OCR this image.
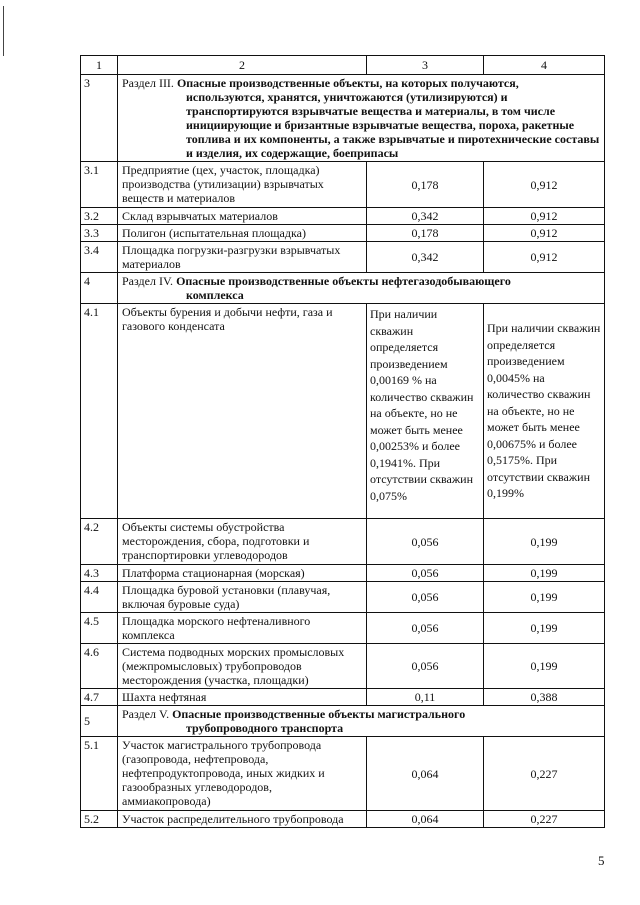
1	2	3	4
3	Раздел III. Опасные производственные объекты, на которых получаются,
используются, хранятся, уничтожаются (утилизируются) и транспортируются взрывчатые вещества и материалы, в том числе инициирующие и бризантные взрывчатые вещества, пороха, ракетные топлива и их компоненты, а также взрывчатые и пиротехнические составы и изделия, их содержащие, боеприпасы		

3.1	Предприятие (цех, участок, площадка) производства (утилизации) взрывчатых веществ и материалов	0,178	0,912
3.2	Склад взрывчатых материалов	0,342	0,912
3.3	Полигон (испытательная площадка)	0,178	0,912
3.4	Площадка погрузки-разгрузки взрывчатых материалов	0,342	0,912
4	Раздел IV. Опасные производственные объекты нефтегазодобывающего
комплекса		

4.1	Объекты бурения и добычи нефти, газа и газового конденсата	При наличии скважин определяется произведением 0,00169 % на количество скважин на объекте, но не может быть менее 0,00253% и более 0,1941%. При отсутствии скважин 0,075%	При наличии скважин определяется произведением 0,0045% на количество скважин на объекте, но не может быть менее 0,00675% и более 0,5175%. При отсутствии скважин 0,199%
4.2	Объекты системы обустройства месторождения, сбора, подготовки и транспортировки углеводородов	0,056	0,199
4.3	Платформа стационарная (морская)	0,056	0,199
4.4	Площадка буровой установки (плавучая, включая буровые суда)	0,056	0,199
4.5	Площадка морского нефтеналивного комплекса	0,056	0,199
4.6	Система подводных морских промысловых (межпромысловых) трубопроводов месторождения (участка, площадки)	0,056	0,199
4.7	Шахта нефтяная	0,11	0,388
5	Раздел V. Опасные производственные объекты магистрального
трубопроводного транспорта		

5.1	Участок магистрального трубопровода (газопровода, нефтепровода, нефтепродуктопровода, иных жидких и газообразных углеводородов, аммиакопровода)	0,064	0,227
5.2	Участок распределительного трубопровода	0,064	0,227
5
